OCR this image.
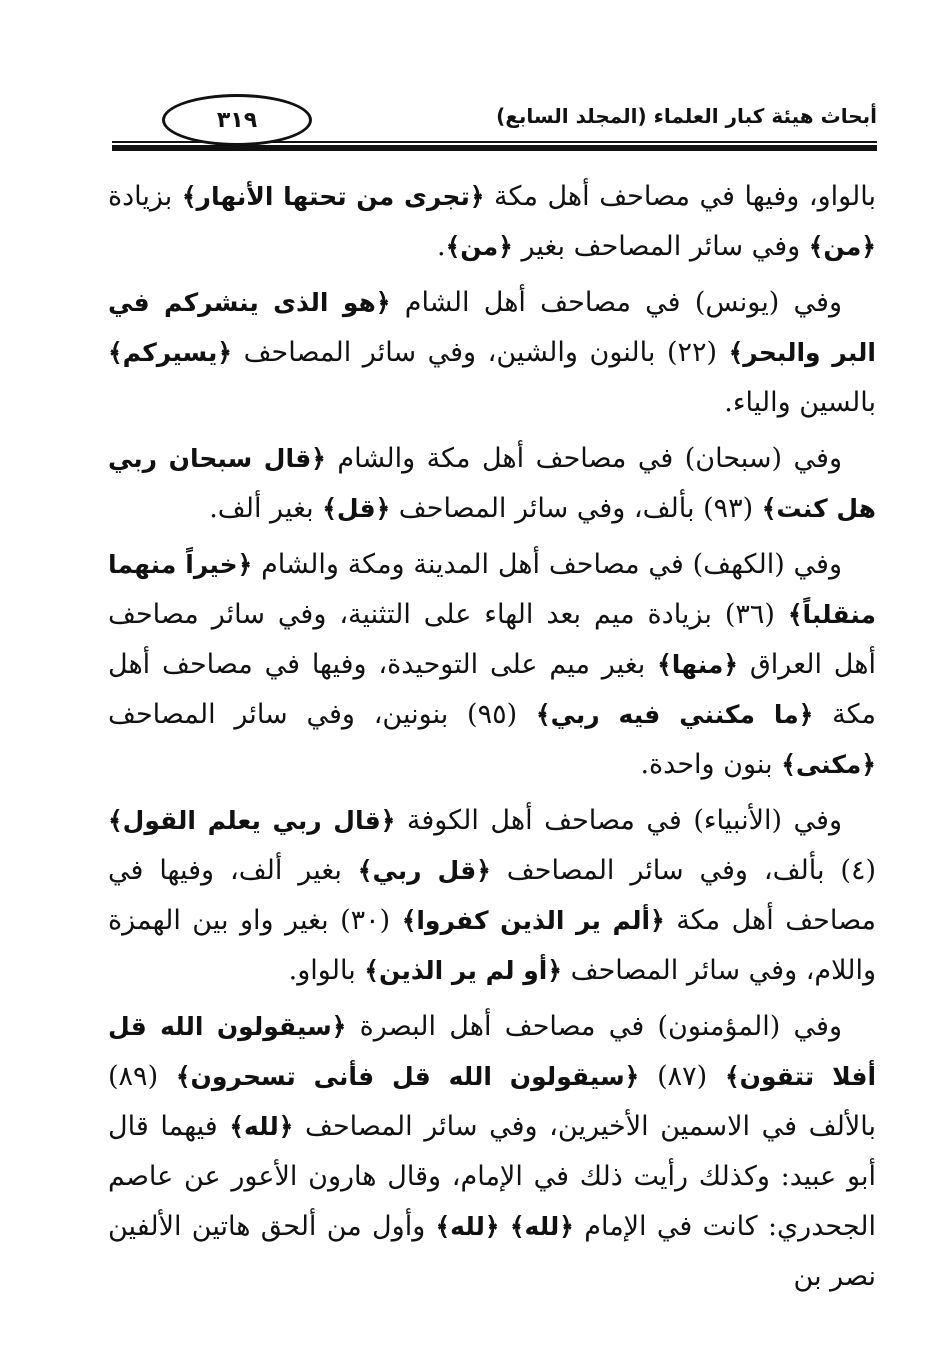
٣١٩	أبحاث هيئة كبار العلماء (المجلد السابع)

بالواو، وفيها في مصاحف أهل مكة ﴿تجرى من تحتها الأنهار﴾ بزيادة ﴿من﴾ وفي سائر المصاحف بغير ﴿من﴾.

وفي (يونس) في مصاحف أهل الشام ﴿هو الذى ينشركم في البر والبحر﴾ (٢٢) بالنون والشين، وفي سائر المصاحف ﴿يسيركم﴾ بالسين والياء.

وفي (سبحان) في مصاحف أهل مكة والشام ﴿قال سبحان ربي هل كنت﴾ (٩٣) بألف، وفي سائر المصاحف ﴿قل﴾ بغير ألف.

وفي (الكهف) في مصاحف أهل المدينة ومكة والشام ﴿خيراً منهما منقلباً﴾ (٣٦) بزيادة ميم بعد الهاء على التثنية، وفي سائر مصاحف أهل العراق ﴿منها﴾ بغير ميم على التوحيدة، وفيها في مصاحف أهل مكة ﴿ما مكنني فيه ربي﴾ (٩٥) بنونين، وفي سائر المصاحف ﴿مكنى﴾ بنون واحدة.

وفي (الأنبياء) في مصاحف أهل الكوفة ﴿قال ربي يعلم القول﴾ (٤) بألف، وفي سائر المصاحف ﴿قل ربي﴾ بغير ألف، وفيها في مصاحف أهل مكة ﴿ألم ير الذين كفروا﴾ (٣٠) بغير واو بين الهمزة واللام، وفي سائر المصاحف ﴿أو لم ير الذين﴾ بالواو.

وفي (المؤمنون) في مصاحف أهل البصرة ﴿سيقولون الله قل أفلا تتقون﴾ (٨٧) ﴿سيقولون الله قل فأنى تسحرون﴾ (٨٩) بالألف في الاسمين الأخيرين، وفي سائر المصاحف ﴿لله﴾ فيهما قال أبو عبيد: وكذلك رأيت ذلك في الإمام، وقال هارون الأعور عن عاصم الجحدري: كانت في الإمام ﴿لله﴾ ﴿لله﴾ وأول من ألحق هاتين الألفين نصر بن
